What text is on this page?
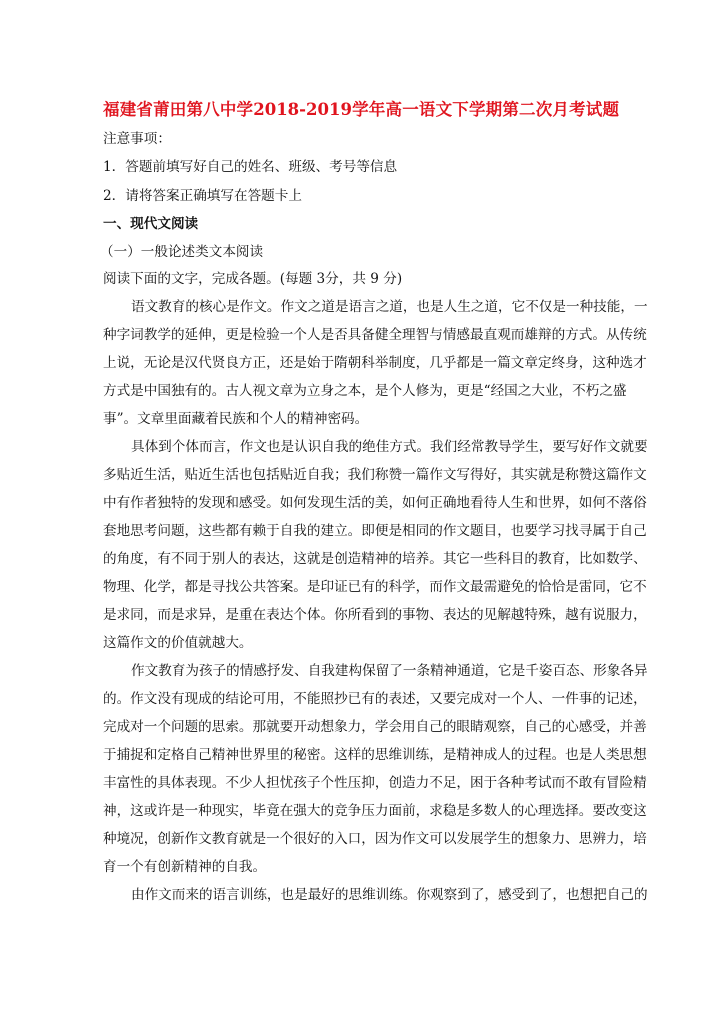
福建省莆田第八中学2018-2019学年高一语文下学期第二次月考试题
注意事项：
1．答题前填写好自己的姓名、班级、考号等信息
2．请将答案正确填写在答题卡上
一、现代文阅读
（一）一般论述类文本阅读
阅读下面的文字，完成各题。(每题 3分，共 9 分)
语文教育的核心是作文。作文之道是语言之道，也是人生之道，它不仅是一种技能，一
种字词教学的延伸，更是检验一个人是否具备健全理智与情感最直观而雄辩的方式。从传统
上说，无论是汉代贤良方正，还是始于隋朝科举制度，几乎都是一篇文章定终身，这种选才
方式是中国独有的。古人视文章为立身之本，是个人修为，更是“经国之大业，不朽之盛
事”。文章里面藏着民族和个人的精神密码。
具体到个体而言，作文也是认识自我的绝佳方式。我们经常教导学生，要写好作文就要
多贴近生活，贴近生活也包括贴近自我；我们称赞一篇作文写得好，其实就是称赞这篇作文
中有作者独特的发现和感受。如何发现生活的美，如何正确地看待人生和世界，如何不落俗
套地思考问题，这些都有赖于自我的建立。即便是相同的作文题目，也要学习找寻属于自己
的角度，有不同于别人的表达，这就是创造精神的培养。其它一些科目的教育，比如数学、
物理、化学，都是寻找公共答案。是印证已有的科学，而作文最需避免的恰恰是雷同，它不
是求同，而是求异，是重在表达个体。你所看到的事物、表达的见解越特殊，越有说服力，
这篇作文的价值就越大。
作文教育为孩子的情感抒发、自我建构保留了一条精神通道，它是千姿百态、形象各异
的。作文没有现成的结论可用，不能照抄已有的表述，又要完成对一个人、一件事的记述，
完成对一个问题的思索。那就要开动想象力，学会用自己的眼睛观察，自己的心感受，并善
于捕捉和定格自己精神世界里的秘密。这样的思维训练，是精神成人的过程。也是人类思想
丰富性的具体表现。不少人担忧孩子个性压抑，创造力不足，困于各种考试而不敢有冒险精
神，这或许是一种现实，毕竟在强大的竞争压力面前，求稳是多数人的心理选择。要改变这
种境况，创新作文教育就是一个很好的入口，因为作文可以发展学生的想象力、思辨力，培
育一个有创新精神的自我。
由作文而来的语言训练，也是最好的思维训练。你观察到了，感受到了，也想把自己的
